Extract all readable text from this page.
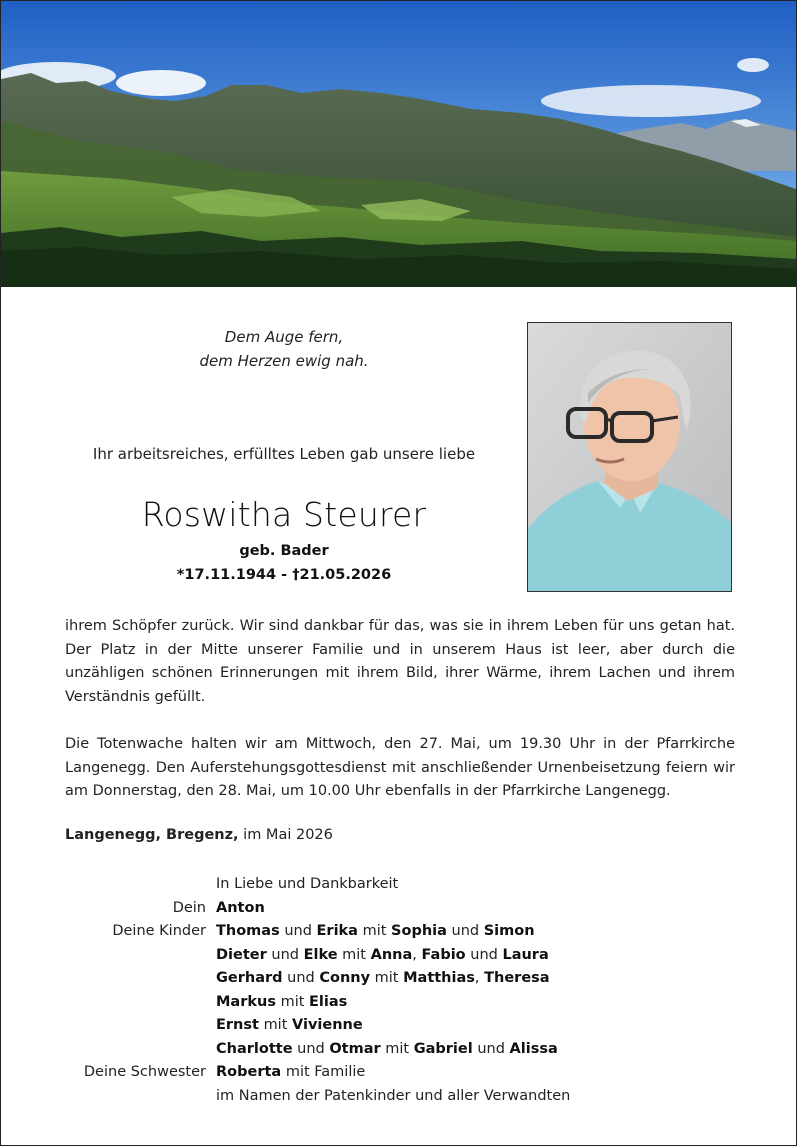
Dem Auge fern,
dem Herzen ewig nah.
Ihr arbeitsreiches, erfülltes Leben gab unsere liebe
Roswitha Steurer
geb. Bader
*17.11.1944 - †21.05.2026
ihrem Schöpfer zurück. Wir sind dankbar für das, was sie in ihrem Leben für uns getan hat. Der Platz in der Mitte unserer Familie und in unserem Haus ist leer, aber durch die unzähligen schönen Erinnerungen mit ihrem Bild, ihrer Wärme, ihrem Lachen und ihrem Verständnis gefüllt.
Die Totenwache halten wir am Mittwoch, den 27. Mai, um 19.30 Uhr in der Pfarrkirche Langenegg. Den Auferstehungsgottesdienst mit anschließender Urnenbeisetzung feiern wir am Donnerstag, den 28. Mai, um 10.00 Uhr ebenfalls in der Pfarrkirche Langenegg.
Langenegg, Bregenz, im Mai 2026
In Liebe und Dankbarkeit
Dein Anton
Deine Kinder Thomas und Erika mit Sophia und Simon
Dieter und Elke mit Anna, Fabio und Laura
Gerhard und Conny mit Matthias, Theresa
Markus mit Elias
Ernst mit Vivienne
Charlotte und Otmar mit Gabriel und Alissa
Deine Schwester Roberta mit Familie
im Namen der Patenkinder und aller Verwandten
